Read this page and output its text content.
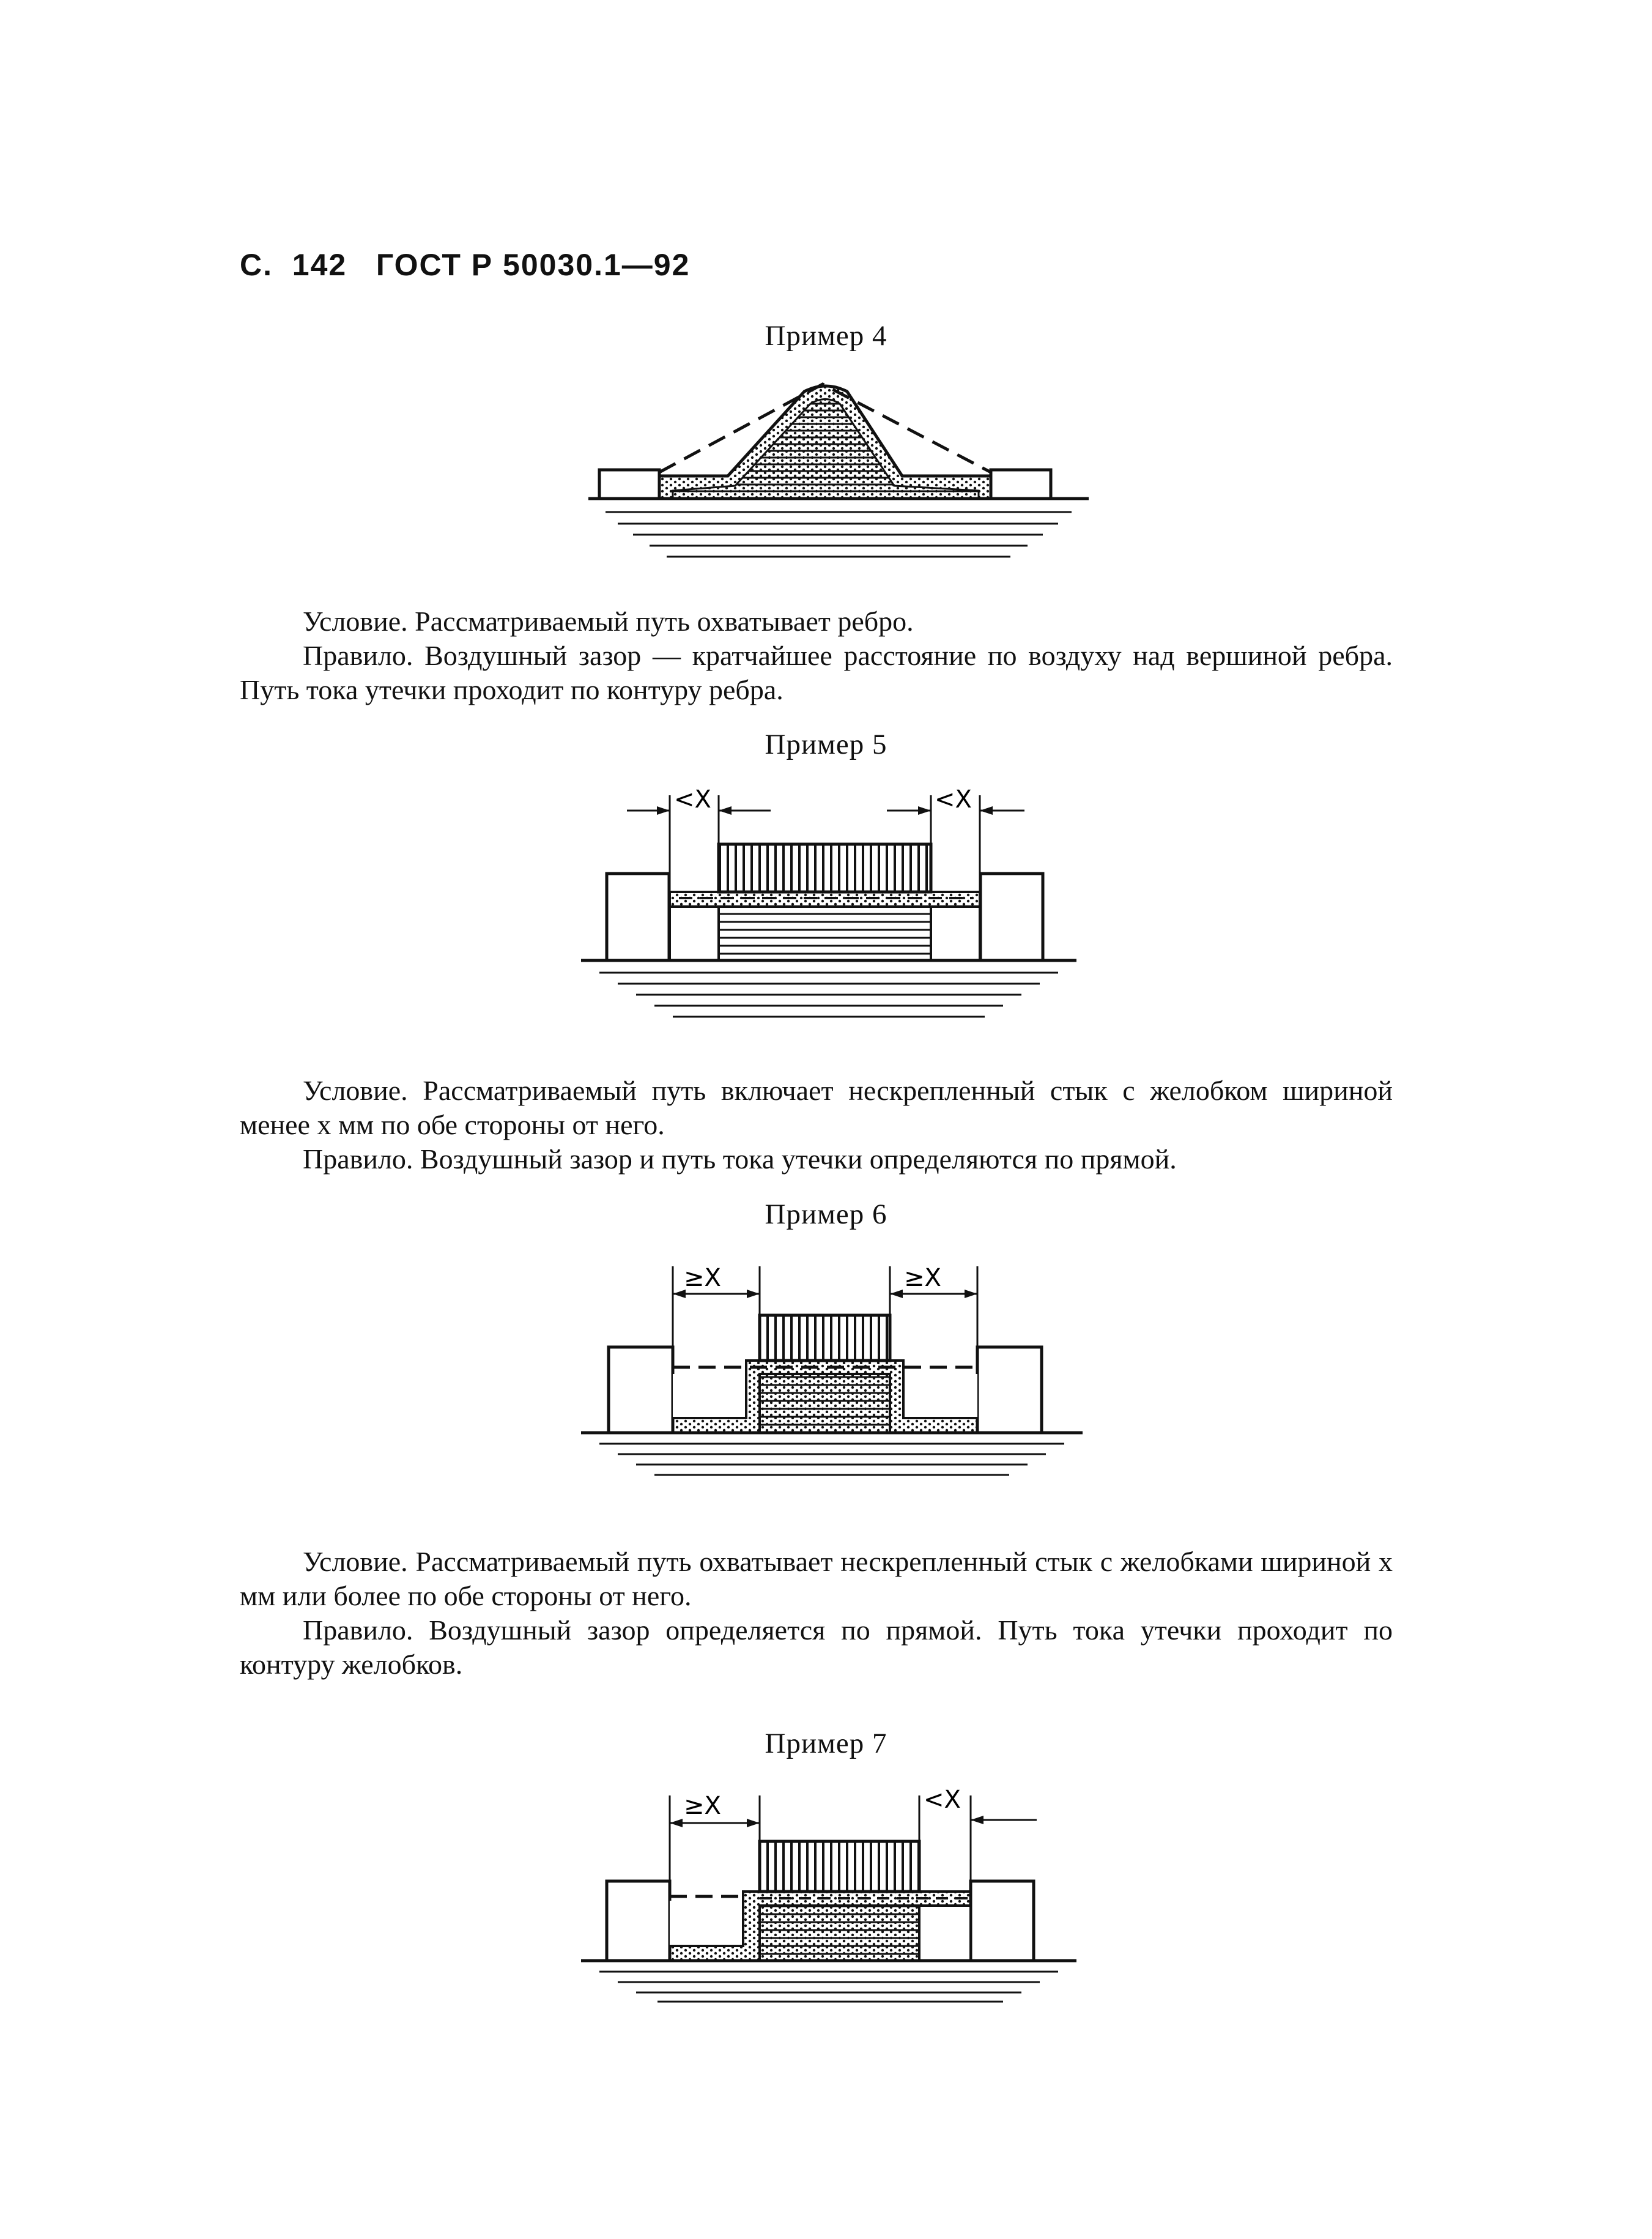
С. 142 ГОСТ Р 50030.1—92
Пример 4

Условие. Рассматриваемый путь охватывает ребро.

Правило. Воздушный зазор — кратчайшее расстояние по воздуху над вершиной ребра. Путь тока утечки проходит по контуру ребра.

Пример 5
<X	<X

Условие. Рассматриваемый путь включает нескрепленный стык с желобком шириной менее x мм по обе стороны от него.

Правило. Воздушный зазор и путь тока утечки определяются по прямой.

Пример 6
≥X	≥X

Условие. Рассматриваемый путь охватывает нескрепленный стык с желобками шириной x мм или более по обе стороны от него.

Правило. Воздушный зазор определяется по прямой. Путь тока утечки проходит по контуру желобков.

Пример 7
≥X	<X
